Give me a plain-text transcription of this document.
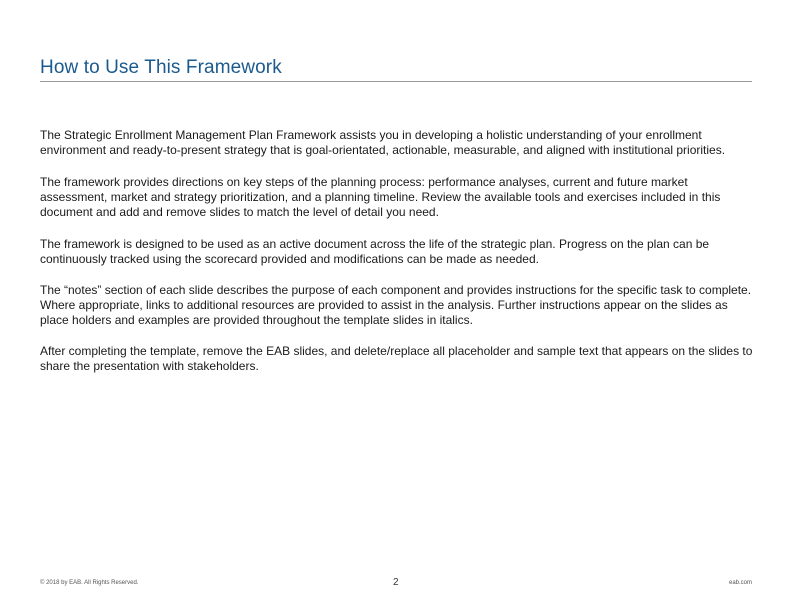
How to Use This Framework

The Strategic Enrollment Management Plan Framework assists you in developing a holistic understanding of your enrollment environment and ready-to-present strategy that is goal-orientated, actionable, measurable, and aligned with institutional priorities.

The framework provides directions on key steps of the planning process: performance analyses, current and future market assessment, market and strategy prioritization, and a planning timeline. Review the available tools and exercises included in this document and add and remove slides to match the level of detail you need.

The framework is designed to be used as an active document across the life of the strategic plan. Progress on the plan can be continuously tracked using the scorecard provided and modifications can be made as needed.

The “notes” section of each slide describes the purpose of each component and provides instructions for the specific task to complete. Where appropriate, links to additional resources are provided to assist in the analysis. Further instructions appear on the slides as place holders and examples are provided throughout the template slides in italics.

After completing the template, remove the EAB slides, and delete/replace all placeholder and sample text that appears on the slides to share the presentation with stakeholders.

© 2018 by EAB. All Rights Reserved.	2	eab.com
